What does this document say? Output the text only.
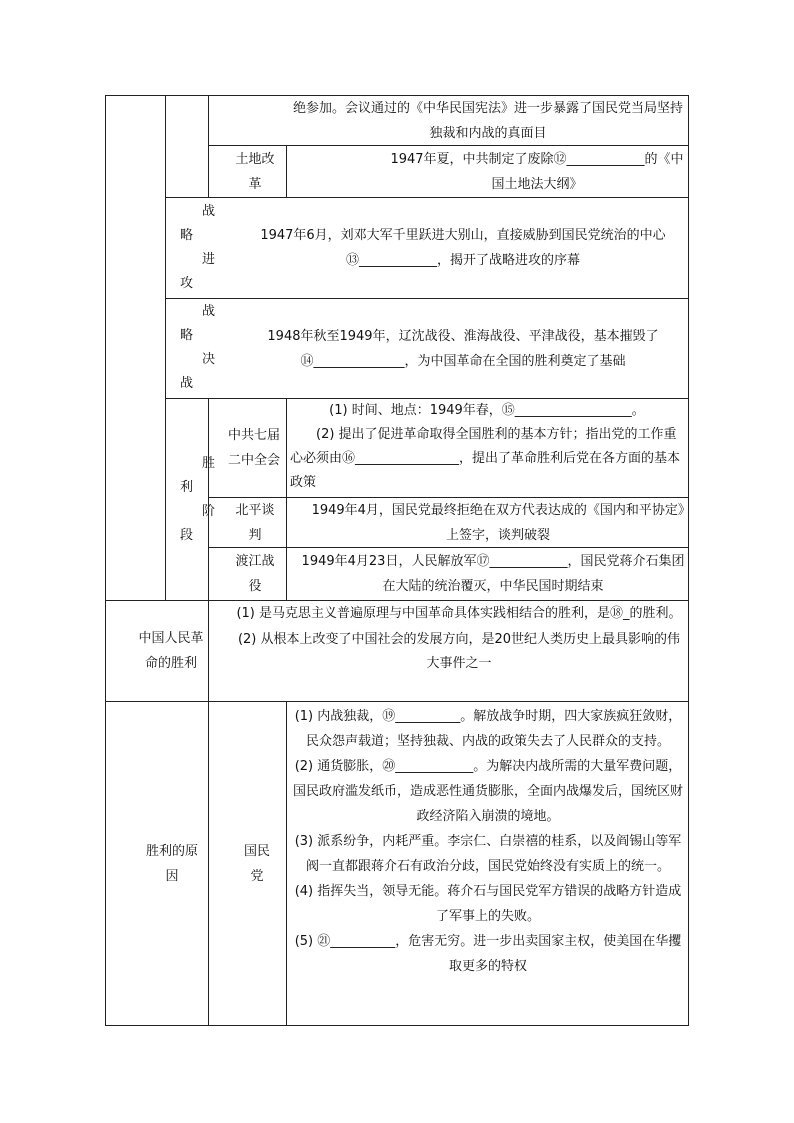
绝参加。会议通过的《中华民国宪法》进一步暴露了国民党当局坚持独裁和内战的真面目
土地改革
1947年夏，中共制定了废除⑫____________的《中国土地法大纲》
战
略
进
攻
1947年6月，刘邓大军千里跃进大别山，直接威胁到国民党统治的中心⑬____________，揭开了战略进攻的序幕
战
略
决
战
1948年秋至1949年，辽沈战役、淮海战役、平津战役，基本摧毁了⑭______________，为中国革命在全国的胜利奠定了基础
胜
利
阶
段
中共七届二中全会
(1) 时间、地点：1949年春，⑮__________________。
(2) 提出了促进革命取得全国胜利的基本方针；指出党的工作重心必须由⑯________________，提出了革命胜利后党在各方面的基本政策
北平谈判
1949年4月，国民党最终拒绝在双方代表达成的《国内和平协定》上签字，谈判破裂
渡江战役
1949年4月23日，人民解放军⑰____________，国民党蒋介石集团在大陆的统治覆灭，中华民国时期结束
中国人民革命的胜利
(1) 是马克思主义普遍原理与中国革命具体实践相结合的胜利，是⑱_的胜利。
(2) 从根本上改变了中国社会的发展方向，是20世纪人类历史上最具影响的伟大事件之一
胜利的原因
国民党
(1) 内战独裁，⑲__________。解放战争时期，四大家族疯狂敛财，民众怨声载道；坚持独裁、内战的政策失去了人民群众的支持。
(2) 通货膨胀，⑳____________。为解决内战所需的大量军费问题，国民政府滥发纸币，造成恶性通货膨胀，全面内战爆发后，国统区财政经济陷入崩溃的境地。
(3) 派系纷争，内耗严重。李宗仁、白崇禧的桂系，以及阎锡山等军阀一直都跟蒋介石有政治分歧，国民党始终没有实质上的统一。
(4) 指挥失当，领导无能。蒋介石与国民党军方错误的战略方针造成了军事上的失败。
(5) ㉑__________，危害无穷。进一步出卖国家主权，使美国在华攫取更多的特权
